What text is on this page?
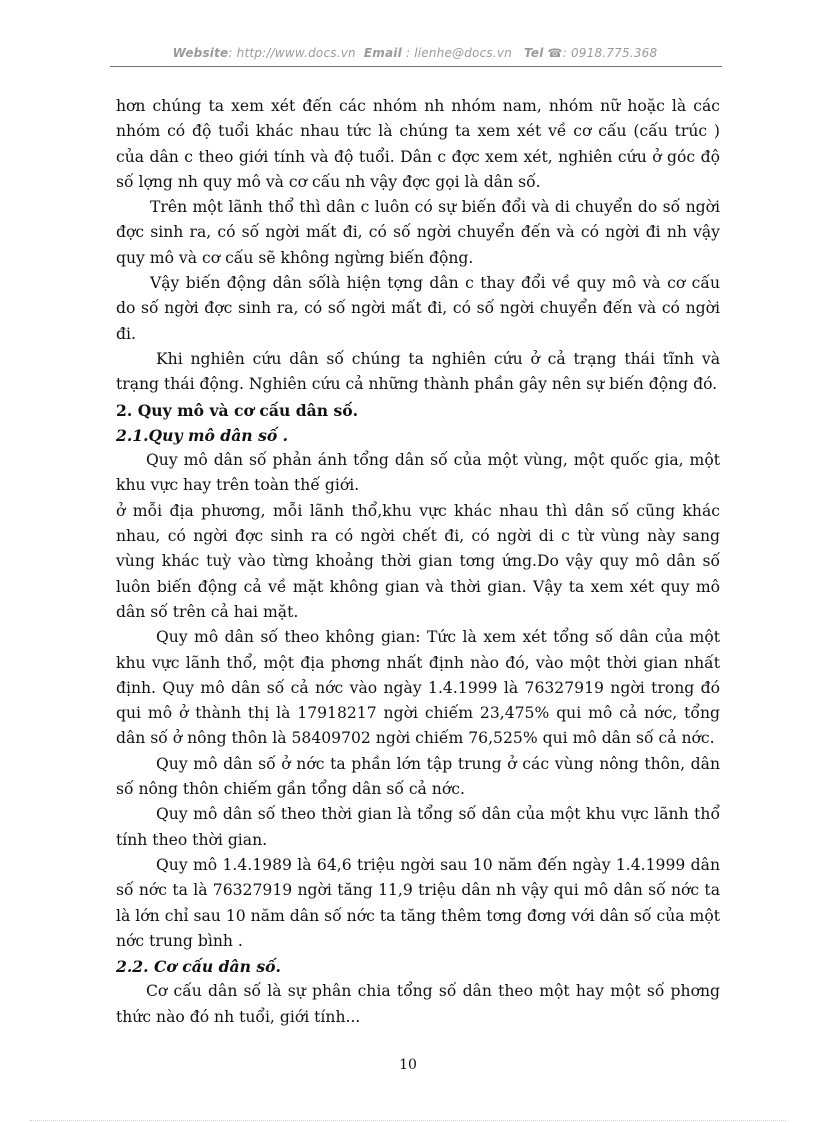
Website: http://www.docs.vn Email : lienhe@docs.vn Tel ☎: 0918.775.368

hơn chúng ta xem xét đến các nhóm nh nhóm nam, nhóm nữ hoặc là các nhóm có độ tuổi khác nhau tức là chúng ta xem xét về cơ cấu (cấu trúc ) của dân c theo giới tính và độ tuổi. Dân c đợc xem xét, nghiên cứu ở góc độ số lợng nh quy mô và cơ cấu nh vậy đợc gọi là dân số.

Trên một lãnh thổ thì dân c luôn có sự biến đổi và di chuyển do số ngời đợc sinh ra, có số ngời mất đi, có số ngời chuyển đến và có ngời đi nh vậy quy mô và cơ cấu sẽ không ngừng biến động.

Vậy biến động dân sốlà hiện tợng dân c thay đổi về quy mô và cơ cấu do số ngời đợc sinh ra, có số ngời mất đi, có số ngời chuyển đến và có ngời đi.

Khi nghiên cứu dân số chúng ta nghiên cứu ở cả trạng thái tĩnh và trạng thái động. Nghiên cứu cả những thành phần gây nên sự biến động đó.

2. Quy mô và cơ cấu dân số.

2.1.Quy mô dân số .

Quy mô dân số phản ánh tổng dân số của một vùng, một quốc gia, một khu vực hay trên toàn thế giới.

ở mỗi địa phương, mỗi lãnh thổ,khu vực khác nhau thì dân số cũng khác nhau, có ngời đợc sinh ra có ngời chết đi, có ngời di c từ vùng này sang vùng khác tuỳ vào từng khoảng thời gian tơng ứng.Do vậy quy mô dân số luôn biến động cả về mặt không gian và thời gian. Vậy ta xem xét quy mô dân số trên cả hai mặt.

Quy mô dân số theo không gian: Tức là xem xét tổng số dân của một khu vực lãnh thổ, một địa phơng nhất định nào đó, vào một thời gian nhất định. Quy mô dân số cả nớc vào ngày 1.4.1999 là 76327919 ngời trong đó qui mô ở thành thị là 17918217 ngời chiếm 23,475% qui mô cả nớc, tổng dân số ở nông thôn là 58409702 ngời chiếm 76,525% qui mô dân số cả nớc.

Quy mô dân số ở nớc ta phần lớn tập trung ở các vùng nông thôn, dân số nông thôn chiếm gần tổng dân số cả nớc.

Quy mô dân số theo thời gian là tổng số dân của một khu vực lãnh thổ tính theo thời gian.

Quy mô 1.4.1989 là 64,6 triệu ngời sau 10 năm đến ngày 1.4.1999 dân số nớc ta là 76327919 ngời tăng 11,9 triệu dân nh vậy qui mô dân số nớc ta là lớn chỉ sau 10 năm dân số nớc ta tăng thêm tơng đơng với dân số của một nớc trung bình .

2.2. Cơ cấu dân số.

Cơ cấu dân số là sự phân chia tổng số dân theo một hay một số phơng thức nào đó nh tuổi, giới tính...

10
